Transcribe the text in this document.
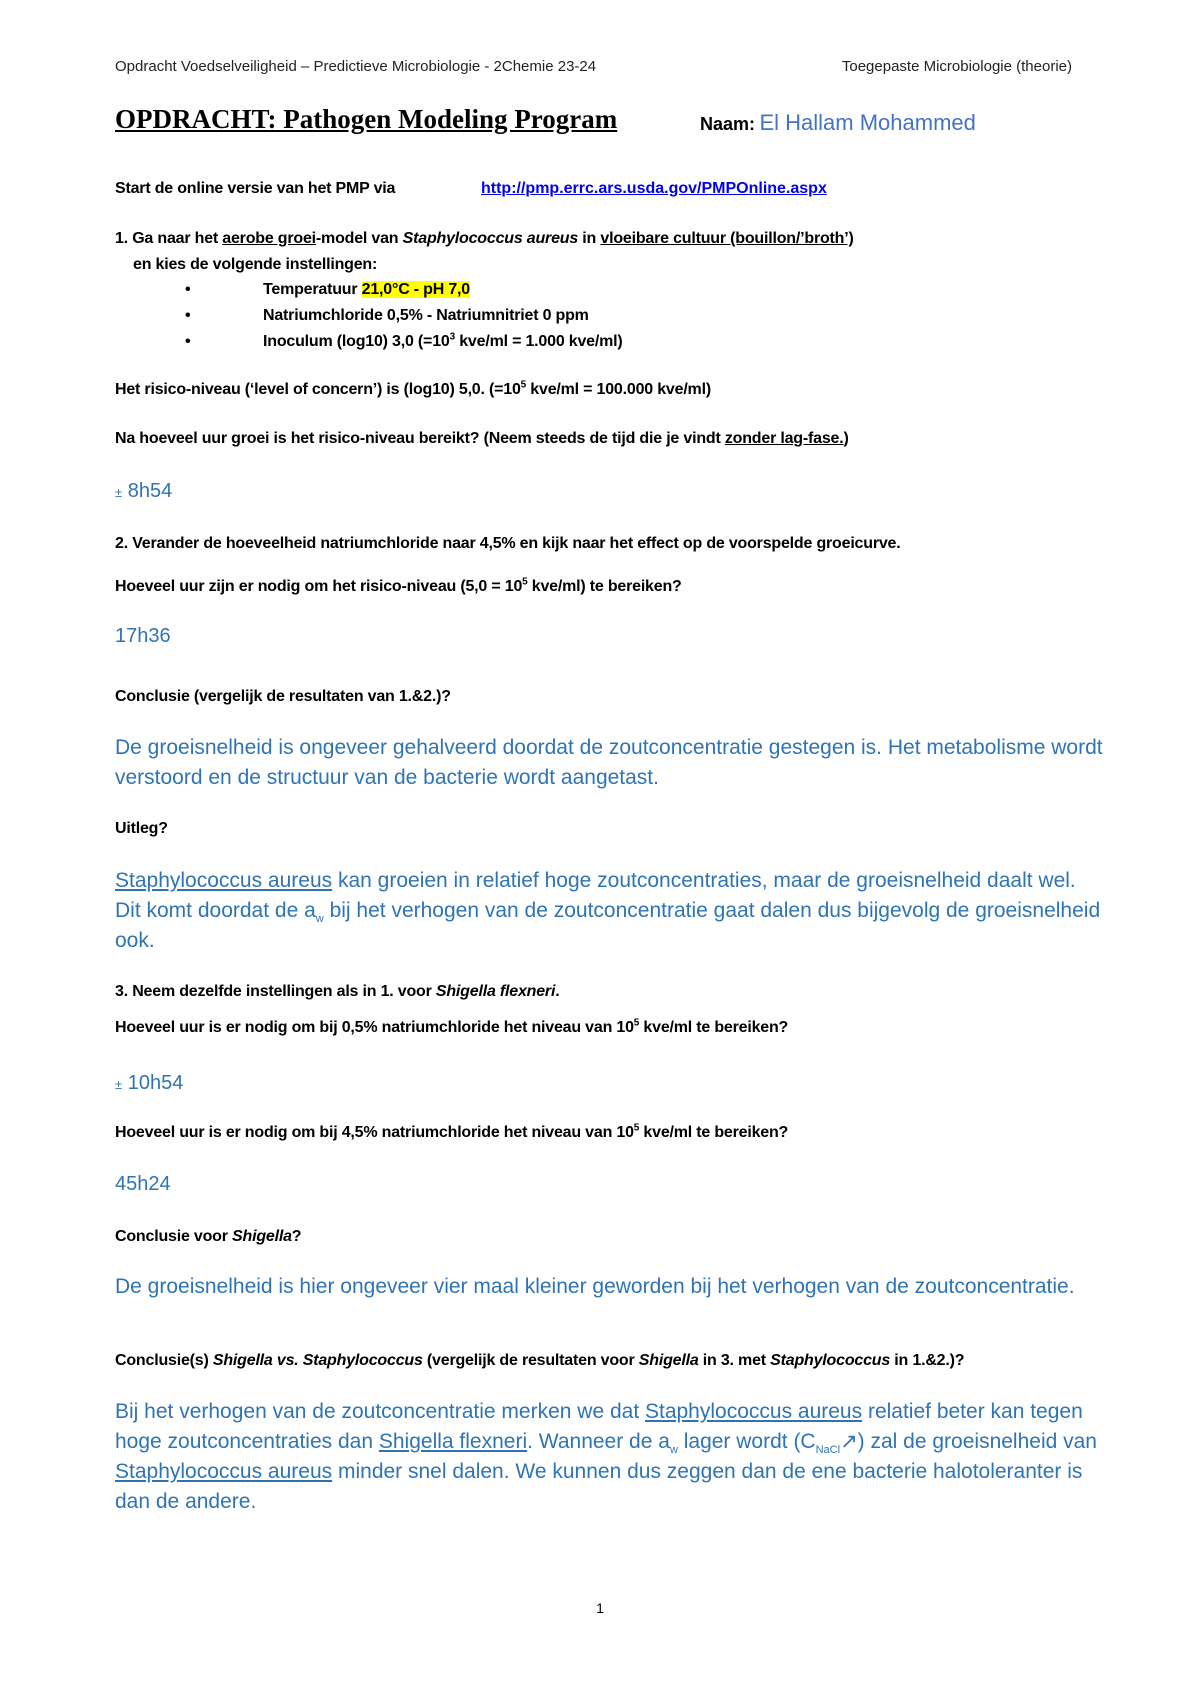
Opdracht Voedselveiligheid – Predictieve Microbiologie - 2Chemie 23-24	Toegepaste Microbiologie (theorie)
OPDRACHT: Pathogen Modeling Program	Naam: El Hallam Mohammed
Start de online versie van het PMP via	http://pmp.errc.ars.usda.gov/PMPOnline.aspx
1. Ga naar het aerobe groei-model van Staphylococcus aureus in vloeibare cultuur (bouillon/’broth’)
en kies de volgende instellingen:
•	Temperatuur 21,0°C - pH 7,0
•	Natriumchloride 0,5% - Natriumnitriet 0 ppm
•	Inoculum (log10) 3,0 ($=10^3$ kve/ml = 1.000 kve/ml)
Het risico-niveau (‘level of concern’) is (log10) 5,0. ($=10^5$ kve/ml = 100.000 kve/ml)
Na hoeveel uur groei is het risico-niveau bereikt? (Neem steeds de tijd die je vindt zonder lag-fase.)
± 8h54
2. Verander de hoeveelheid natriumchloride naar 4,5% en kijk naar het effect op de voorspelde groeicurve.
Hoeveel uur zijn er nodig om het risico-niveau ($5,0 = 10^5$ kve/ml) te bereiken?
17h36
Conclusie (vergelijk de resultaten van 1.&2.)?
De groeisnelheid is ongeveer gehalveerd doordat de zoutconcentratie gestegen is. Het metabolisme wordt verstoord en de structuur van de bacterie wordt aangetast.
Uitleg?
Staphylococcus aureus kan groeien in relatief hoge zoutconcentraties, maar de groeisnelheid daalt wel. Dit komt doordat de $a_w$ bij het verhogen van de zoutconcentratie gaat dalen dus bijgevolg de groeisnelheid ook.
3. Neem dezelfde instellingen als in 1. voor Shigella flexneri.
Hoeveel uur is er nodig om bij 0,5% natriumchloride het niveau van $10^5$ kve/ml te bereiken?
± 10h54
Hoeveel uur is er nodig om bij 4,5% natriumchloride het niveau van $10^5$ kve/ml te bereiken?
45h24
Conclusie voor Shigella?
De groeisnelheid is hier ongeveer vier maal kleiner geworden bij het verhogen van de zoutconcentratie.
Conclusie(s) Shigella vs. Staphylococcus (vergelijk de resultaten voor Shigella in 3. met Staphylococcus in 1.&2.)?
Bij het verhogen van de zoutconcentratie merken we dat Staphylococcus aureus relatief beter kan tegen hoge zoutconcentraties dan Shigella flexneri. Wanneer de $a_w$ lager wordt $(C_{NaCl}↗)$ zal de groeisnelheid van Staphylococcus aureus minder snel dalen. We kunnen dus zeggen dan de ene bacterie halotoleranter is dan de andere.
1
